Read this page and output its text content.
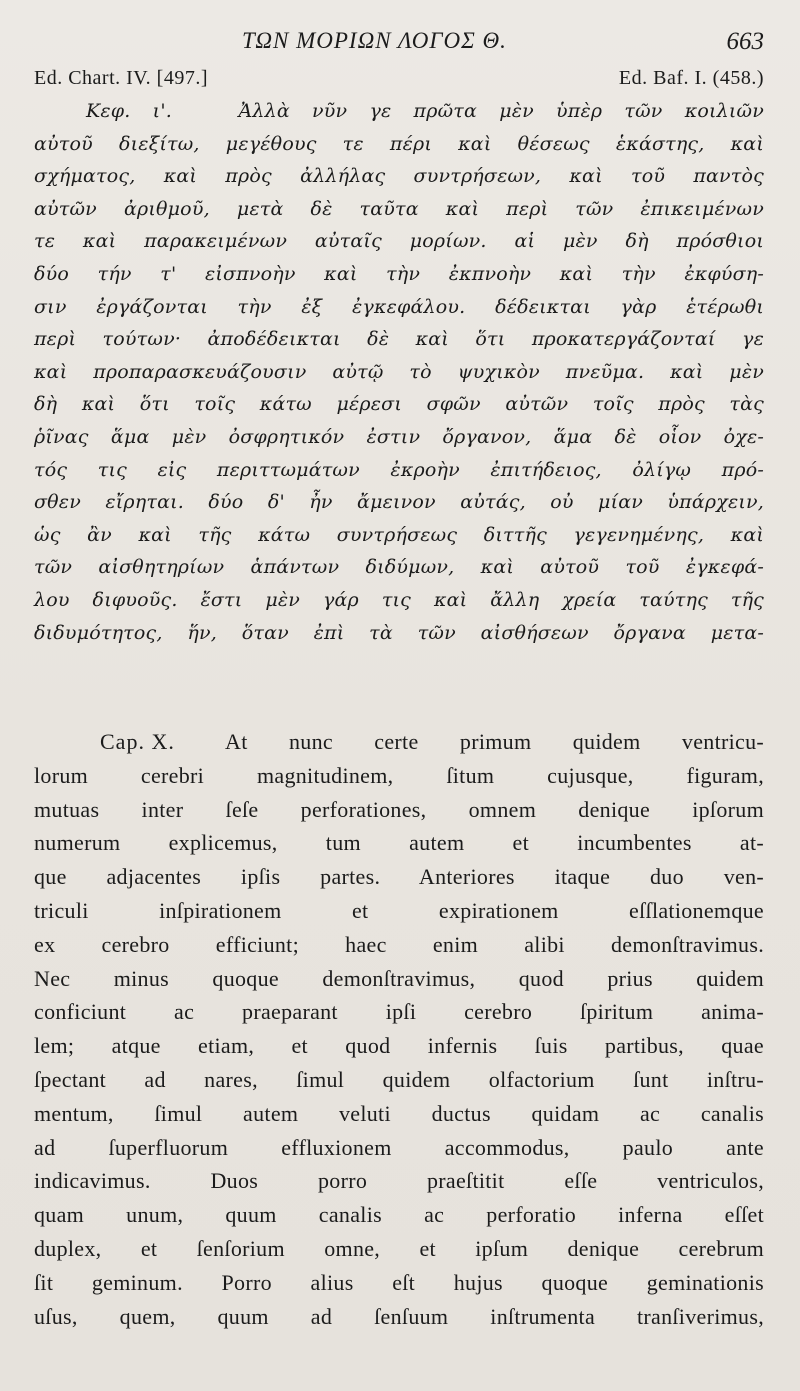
ΤΩΝ ΜΟΡΙΩΝ ΛΟΓΟΣ Θ.	663
Ed. Chart. IV. [497.]	Ed. Baf. I. (458.)
Κεφ. ι'.	Ἀλλὰ νῦν γε πρῶτα μὲν ὑπὲρ τῶν κοιλιῶν
αὐτοῦ διεξίτω, μεγέθους τε πέρι καὶ θέσεως ἑκάστης, καὶ
σχήματος, καὶ πρὸς ἀλλήλας συντρήσεων, καὶ τοῦ παντὸς
αὐτῶν ἀριθμοῦ, μετὰ δὲ ταῦτα καὶ περὶ τῶν ἐπικειμένων
τε καὶ παρακειμένων αὐταῖς μορίων. αἱ μὲν δὴ πρόσθιοι
δύο τήν τ' εἰσπνοὴν καὶ τὴν ἐκπνοὴν καὶ τὴν ἐκφύση-
σιν ἐργάζονται τὴν ἐξ ἐγκεφάλου. δέδεικται γὰρ ἑτέρωθι
περὶ τούτων· ἀποδέδεικται δὲ καὶ ὅτι προκατεργάζονταί γε
καὶ προπαρασκευάζουσιν αὐτῷ τὸ ψυχικὸν πνεῦμα. καὶ μὲν
δὴ καὶ ὅτι τοῖς κάτω μέρεσι σφῶν αὐτῶν τοῖς πρὸς τὰς
ῥῖνας ἅμα μὲν ὀσφρητικόν ἐστιν ὄργανον, ἅμα δὲ οἷον ὀχε-
τός τις εἰς περιττωμάτων ἐκροὴν ἐπιτήδειος, ὀλίγῳ πρό-
σθεν εἴρηται. δύο δ' ἦν ἄμεινον αὐτάς, οὐ μίαν ὑπάρχειν,
ὡς ἂν καὶ τῆς κάτω συντρήσεως διττῆς γεγενημένης, καὶ
τῶν αἰσθητηρίων ἁπάντων διδύμων, καὶ αὐτοῦ τοῦ ἐγκεφά-
λου διφυοῦς. ἔστι μὲν γάρ τις καὶ ἄλλη χρεία ταύτης τῆς
διδυμότητος, ἥν, ὅταν ἐπὶ τὰ τῶν αἰσθήσεων ὄργανα μετα-
Cap. X. At nunc certe primum quidem ventricu-
lorum cerebri magnitudinem, ſitum cujusque, figuram,
mutuas inter ſeſe perforationes, omnem denique ipſorum
numerum explicemus, tum autem et incumbentes at-
que adjacentes ipſis partes. Anteriores itaque duo ven-
triculi inſpirationem et expirationem eſſlationemque
ex cerebro efficiunt; haec enim alibi demonſtravimus.
Nec minus quoque demonſtravimus, quod prius quidem
conficiunt ac praeparant ipſi cerebro ſpiritum anima-
lem; atque etiam, et quod infernis ſuis partibus, quae
ſpectant ad nares, ſimul quidem olfactorium ſunt inſtru-
mentum, ſimul autem veluti ductus quidam ac canalis
ad ſuperfluorum effluxionem accommodus, paulo ante
indicavimus. Duos porro praeſtitit eſſe ventriculos,
quam unum, quum canalis ac perforatio inferna eſſet
duplex, et ſenſorium omne, et ipſum denique cerebrum
ſit geminum. Porro alius eſt hujus quoque geminationis
uſus, quem, quum ad ſenſuum inſtrumenta tranſiverimus,
